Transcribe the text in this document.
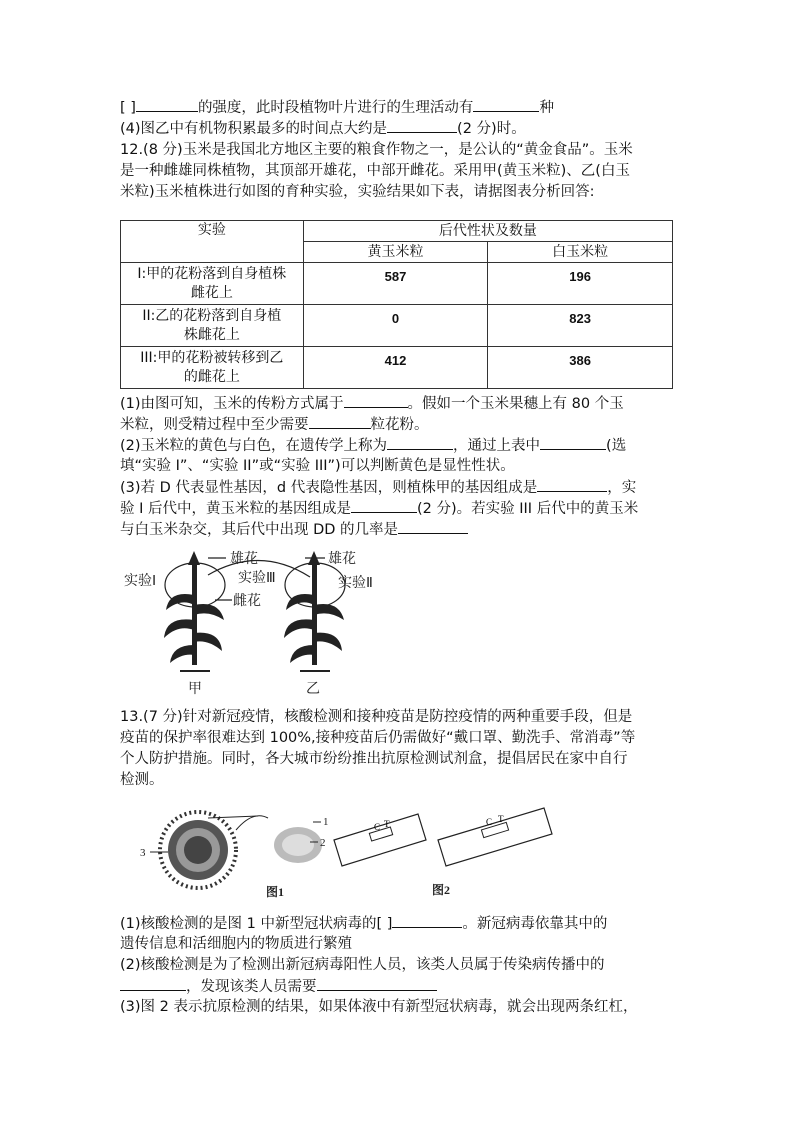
[ ]	的强度，此时段植物叶片进行的生理活动有	种
(4)图乙中有机物积累最多的时间点大约是	(2 分)时。
12.(8 分)玉米是我国北方地区主要的粮食作物之一，是公认的“黄金食品”。玉米
是一种雌雄同株植物，其顶部开雄花，中部开雌花。采用甲(黄玉米粒)、乙(白玉
米粒)玉米植株进行如图的育种实验，实验结果如下表，请据图表分析回答:
实验	后代性状及数量	
	黄玉米粒	白玉米粒
I:甲的花粉落到自身植株
雌花上	587	196
II:乙的花粉落到自身植
株雌花上	0	823
III:甲的花粉被转移到乙
的雌花上	412	386
(1)由图可知，玉米的传粉方式属于	。假如一个玉米果穗上有 80 个玉
米粒，则受精过程中至少需要	粒花粉。
(2)玉米粒的黄色与白色，在遗传学上称为	，通过上表中	(选
填“实验 I”、“实验 II”或“实验 III”)可以判断黄色是显性性状。
(3)若 D 代表显性基因，d 代表隐性基因，则植株甲的基因组成是	，实
验 I 后代中，黄玉米粒的基因组成是	(2 分)。若实验 III 后代中的黄玉米
与白玉米杂交，其后代中出现 DD 的几率是
雄花	雄花
雌花
实验Ⅰ	实验Ⅱ
实验Ⅲ
甲	乙
13.(7 分)针对新冠疫情，核酸检测和接种疫苗是防控疫情的两种重要手段，但是
疫苗的保护率很难达到 100%,接种疫苗后仍需做好“戴口罩、勤洗手、常消毒”等
个人防护措施。同时，各大城市纷纷推出抗原检测试剂盒，提倡居民在家中自行
检测。
1
2
3
C T	C T
图1	图2
(1)核酸检测的是图 1 中新型冠状病毒的[ ]	。新冠病毒依靠其中的
遗传信息和活细胞内的物质进行繁殖
(2)核酸检测是为了检测出新冠病毒阳性人员，该类人员属于传染病传播中的
，发现该类人员需要
(3)图 2 表示抗原检测的结果，如果体液中有新型冠状病毒，就会出现两条红杠，
